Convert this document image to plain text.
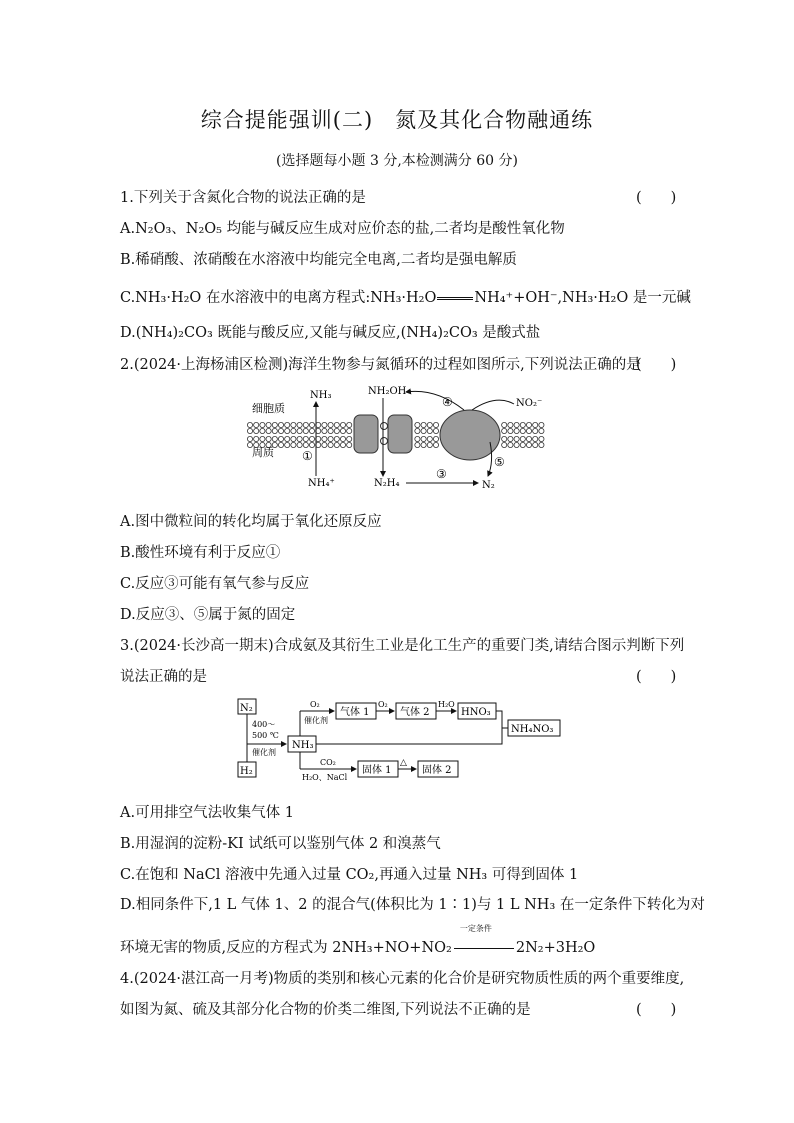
综合提能强训(二)　氮及其化合物融通练
(选择题每小题 3 分,本检测满分 60 分)
1.下列关于含氮化合物的说法正确的是	(　　)
A.N₂O₃、N₂O₅ 均能与碱反应生成对应价态的盐,二者均是酸性氧化物
B.稀硝酸、浓硝酸在水溶液中均能完全电离,二者均是强电解质
C.NH₃·H₂O 在水溶液中的电离方程式:NH₃·H₂O	NH₄⁺+OH⁻,NH₃·H₂O 是一元碱
D.(NH₄)₂CO₃ 既能与酸反应,又能与碱反应,(NH₄)₂CO₃ 是酸式盐
2.(2024·上海杨浦区检测)海洋生物参与氮循环的过程如图所示,下列说法正确的是
(　　)
细胞质
周质
NH₃
NH₄⁺
①
NH₂OH
N₂H₄
④	NO₂⁻
③
⑤
N₂
A.图中微粒间的转化均属于氧化还原反应
B.酸性环境有利于反应①
C.反应③可能有氧气参与反应
D.反应③、⑤属于氮的固定
3.(2024·长沙高一期末)合成氨及其衍生工业是化工生产的重要门类,请结合图示判断下列
说法正确的是	(　　)
N₂
H₂
400～
500 ℃
催化剂
NH₃
O₂
催化剂
气体 1
O₂
气体 2
H₂O
HNO₃
NH₄NO₃
CO₂
H₂O、NaCl
固体 1
△
固体 2
A.可用排空气法收集气体 1
B.用湿润的淀粉-KI 试纸可以鉴别气体 2 和溴蒸气
C.在饱和 NaCl 溶液中先通入过量 CO₂,再通入过量 NH₃ 可得到固体 1
D.相同条件下,1 L 气体 1、2 的混合气(体积比为 1∶1)与 1 L NH₃ 在一定条件下转化为对
环境无害的物质,反应的方程式为 2NH₃+NO+NO₂
一定条件
2N₂+3H₂O
4.(2024·湛江高一月考)物质的类别和核心元素的化合价是研究物质性质的两个重要维度,
如图为氮、硫及其部分化合物的价类二维图,下列说法不正确的是	(　　)
